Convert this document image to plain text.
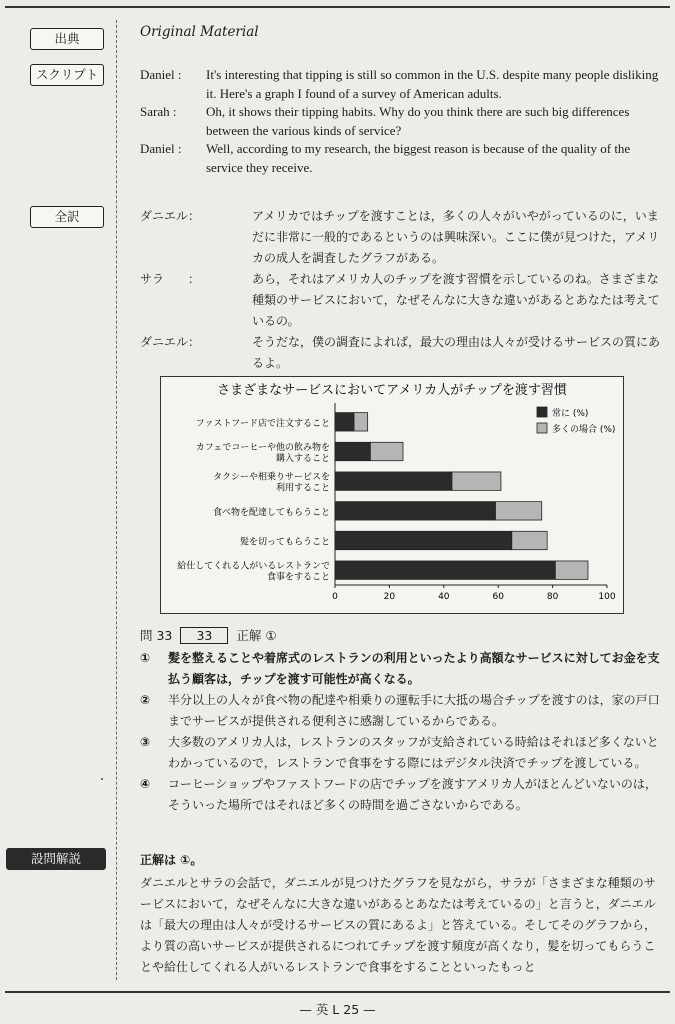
出典
スクリプト
全訳
設問解説
Original Material
Daniel :	It's interesting that tipping is still so common in the U.S. despite many people disliking it. Here's a graph I found of a survey of American adults.
Sarah :	Oh, it shows their tipping habits. Why do you think there are such big differences between the various kinds of service?
Daniel :	Well, according to my research, the biggest reason is because of the quality of the service they receive.
ダニエル：	アメリカではチップを渡すことは，多くの人々がいやがっているのに，いまだに非常に一般的であるというのは興味深い。ここに僕が見つけた，アメリカの成人を調査したグラフがある。
サラ　　：	あら，それはアメリカ人のチップを渡す習慣を示しているのね。さまざまな種類のサービスにおいて，なぜそんなに大きな違いがあるとあなたは考えているの。
ダニエル：	そうだな，僕の調査によれば，最大の理由は人々が受けるサービスの質にあるよ。
さまざまなサービスにおいてアメリカ人がチップを渡す習慣
0	20	40	60	80	100
ファストフード店で注文すること
カフェでコーヒーや他の飲み物を
購入すること
タクシーや相乗りサービスを
利用すること
食べ物を配達してもらうこと
髪を切ってもらうこと
給仕してくれる人がいるレストランで
食事をすること
常に (%)
多くの場合 (%)
問 33 33 正解 ①
①	髪を整えることや着席式のレストランの利用といったより高額なサービスに対してお金を支払う顧客は，チップを渡す可能性が高くなる。
②	半分以上の人々が食べ物の配達や相乗りの運転手に大抵の場合チップを渡すのは，家の戸口までサービスが提供される便利さに感謝しているからである。
③	大多数のアメリカ人は，レストランのスタッフが支給されている時給はそれほど多くないとわかっているので，レストランで食事をする際にはデジタル決済でチップを渡している。
④	コーヒーショップやファストフードの店でチップを渡すアメリカ人がほとんどいないのは，そういった場所ではそれほど多くの時間を過ごさないからである。
正解は ①。
ダニエルとサラの会話で，ダニエルが見つけたグラフを見ながら，サラが「さまざまな種類のサービスにおいて，なぜそんなに大きな違いがあるとあなたは考えているの」と言うと，ダニエルは「最大の理由は人々が受けるサービスの質にあるよ」と答えている。そしてそのグラフから，より質の高いサービスが提供されるにつれてチップを渡す頻度が高くなり，髪を切ってもらうことや給仕してくれる人がいるレストランで食事をすることといったもっと
— 英 L 25 —
